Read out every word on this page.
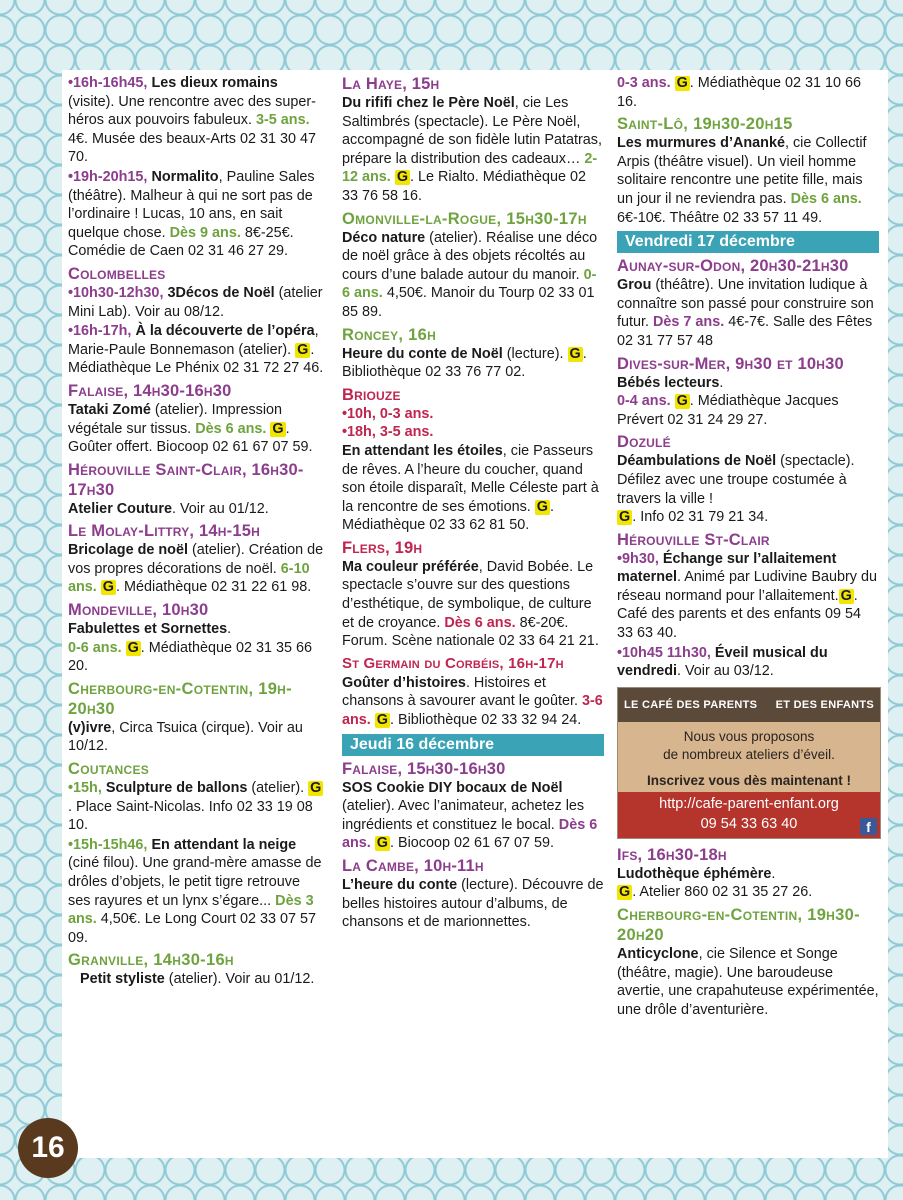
•16h-16h45, Les dieux romains (visite). Une rencontre avec des super-héros aux pouvoirs fabuleux. 3-5 ans. 4€. Musée des beaux-Arts 02 31 30 47 70.
•19h-20h15, Normalito, Pauline Sales (théâtre). Malheur à qui ne sort pas de l’ordinaire ! Lucas, 10 ans, en sait quelque chose. Dès 9 ans. 8€-25€. Comédie de Caen 02 31 46 27 29.
Colombelles
•10h30-12h30, 3Décos de Noël (atelier Mini Lab). Voir au 08/12.
•16h-17h, À la découverte de l’opéra, Marie-Paule Bonnemason (atelier). G . Médiathèque Le Phénix 02 31 72 27 46.
Falaise, 14h30-16h30
Tataki Zomé (atelier). Impression végétale sur tissus. Dès 6 ans. G . Goûter offert. Biocoop 02 61 67 07 59.
Hérouville Saint-Clair, 16h30-17h30
Atelier Couture. Voir au 01/12.
Le Molay-Littry, 14h-15h
Bricolage de noël (atelier). Création de vos propres décorations de noël. 6-10 ans. G . Médiathèque 02 31 22 61 98.
Mondeville, 10h30
Fabulettes et Sornettes.
0-6 ans. G . Médiathèque 02 31 35 66 20.
Cherbourg-en-Cotentin, 19h-20h30
(v)ivre, Circa Tsuica (cirque). Voir au 10/12.
Coutances
•15h, Sculpture de ballons (atelier). G. Place Saint-Nicolas. Info 02 33 19 08 10.
•15h-15h46, En attendant la neige (ciné filou). Une grand-mère amasse de drôles d’objets, le petit tigre retrouve ses rayures et un lynx s’égare... Dès 3 ans. 4,50€. Le Long Court 02 33 07 57 09.
Granville, 14h30-16h
Petit styliste (atelier). Voir au 01/12.
La Haye, 15h
Du rififi chez le Père Noël, cie Les Saltimbrés (spectacle). Le Père Noël, accompagné de son fidèle lutin Patatras, prépare la distribution des cadeaux… 2-12 ans. G . Le Rialto. Médiathèque 02 33 76 58 16.
Omonville-la-Rogue, 15h30-17h
Déco nature (atelier). Réalise une déco de noël grâce à des objets récoltés au cours d’une balade autour du manoir. 0-6 ans. 4,50€. Manoir du Tourp 02 33 01 85 89.
Roncey, 16h
Heure du conte de Noël (lecture). G . Bibliothèque 02 33 76 77 02.
Briouze
•10h, 0-3 ans.
•18h, 3-5 ans.
En attendant les étoiles, cie Passeurs de rêves. A l’heure du coucher, quand son étoile disparaît, Melle Céleste part à la rencontre de ses émotions. G . Médiathèque 02 33 62 81 50.
Flers, 19h
Ma couleur préférée, David Bobée. Le spectacle s’ouvre sur des questions d’esthétique, de symbolique, de culture et de croyance. Dès 6 ans. 8€-20€. Forum. Scène nationale 02 33 64 21 21.
St Germain du Corbéis, 16h-17h
Goûter d’histoires. Histoires et chansons à savourer avant le goûter. 3-6 ans. G . Bibliothèque 02 33 32 94 24.
Jeudi 16 décembre
Falaise, 15h30-16h30
SOS Cookie DIY bocaux de Noël (atelier). Avec l’animateur, achetez les ingrédients et constituez le bocal. Dès 6 ans. G . Biocoop 02 61 67 07 59.
La Cambe, 10h-11h
L’heure du conte (lecture). Découvre de belles histoires autour d’albums, de chansons et de marionnettes.
0-3 ans. G . Médiathèque 02 31 10 66 16.
Saint-Lô, 19h30-20h15
Les murmures d’Ananké, cie Collectif Arpis (théâtre visuel). Un vieil homme solitaire rencontre une petite fille, mais un jour il ne reviendra pas. Dès 6 ans. 6€-10€. Théâtre 02 33 57 11 49.
Vendredi 17 décembre
Aunay-sur-Odon, 20h30-21h30
Grou (théâtre). Une invitation ludique à connaître son passé pour construire son futur. Dès 7 ans. 4€-7€. Salle des Fêtes 02 31 77 57 48
Dives-sur-Mer, 9h30 et 10h30
Bébés lecteurs.
0-4 ans. G . Médiathèque Jacques Prévert 02 31 24 29 27.
Dozulé
Déambulations de Noël (spectacle). Défilez avec une troupe costumée à travers la ville !
G . Info 02 31 79 21 34.
Hérouville St-Clair
•9h30, Échange sur l’allaitement maternel. Animé par Ludivine Baubry du réseau normand pour l’allaitement. G . Café des parents et des enfants 09 54 33 63 40.
•10h45 11h30, Éveil musical du vendredi. Voir au 03/12.
LE CAFÉ DES PARENTS ET DES ENFANTS
Nous vous proposons
de nombreux ateliers d’éveil.
Inscrivez vous dès maintenant !
http://cafe-parent-enfant.org
09 54 33 63 40	f
Ifs, 16h30-18h
Ludothèque éphémère.
G . Atelier 860 02 31 35 27 26.
Cherbourg-en-Cotentin, 19h30-20h20
Anticyclone, cie Silence et Songe (théâtre, magie). Une baroudeuse avertie, une crapahuteuse expérimentée, une drôle d’aventurière.
16
